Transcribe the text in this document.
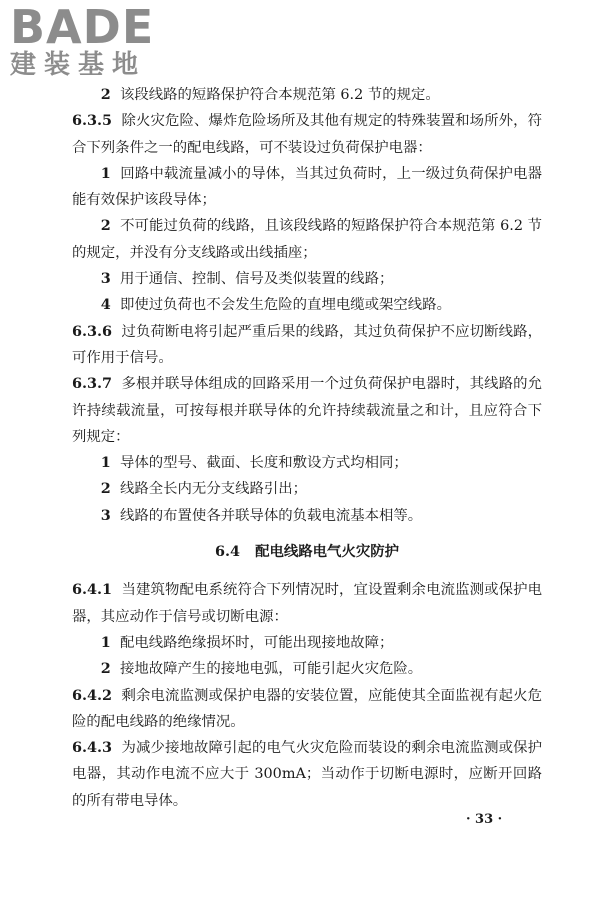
BADE
建装基地

2 该段线路的短路保护符合本规范第 6.2 节的规定。

6.3.5 除火灾危险、爆炸危险场所及其他有规定的特殊装置和场所外，符合下列条件之一的配电线路，可不装设过负荷保护电器：

1 回路中载流量减小的导体，当其过负荷时，上一级过负荷保护电器能有效保护该段导体；

2 不可能过负荷的线路，且该段线路的短路保护符合本规范第 6.2 节的规定，并没有分支线路或出线插座；

3 用于通信、控制、信号及类似装置的线路；

4 即使过负荷也不会发生危险的直埋电缆或架空线路。

6.3.6 过负荷断电将引起严重后果的线路，其过负荷保护不应切断线路，可作用于信号。

6.3.7 多根并联导体组成的回路采用一个过负荷保护电器时，其线路的允许持续载流量，可按每根并联导体的允许持续载流量之和计，且应符合下列规定：

1 导体的型号、截面、长度和敷设方式均相同；

2 线路全长内无分支线路引出；

3 线路的布置使各并联导体的负载电流基本相等。

6.4 配电线路电气火灾防护

6.4.1 当建筑物配电系统符合下列情况时，宜设置剩余电流监测或保护电器，其应动作于信号或切断电源：

1 配电线路绝缘损坏时，可能出现接地故障；

2 接地故障产生的接地电弧，可能引起火灾危险。

6.4.2 剩余电流监测或保护电器的安装位置，应能使其全面监视有起火危险的配电线路的绝缘情况。

6.4.3 为减少接地故障引起的电气火灾危险而装设的剩余电流监测或保护电器，其动作电流不应大于 300mA；当动作于切断电源时，应断开回路的所有带电导体。

· 33 ·
